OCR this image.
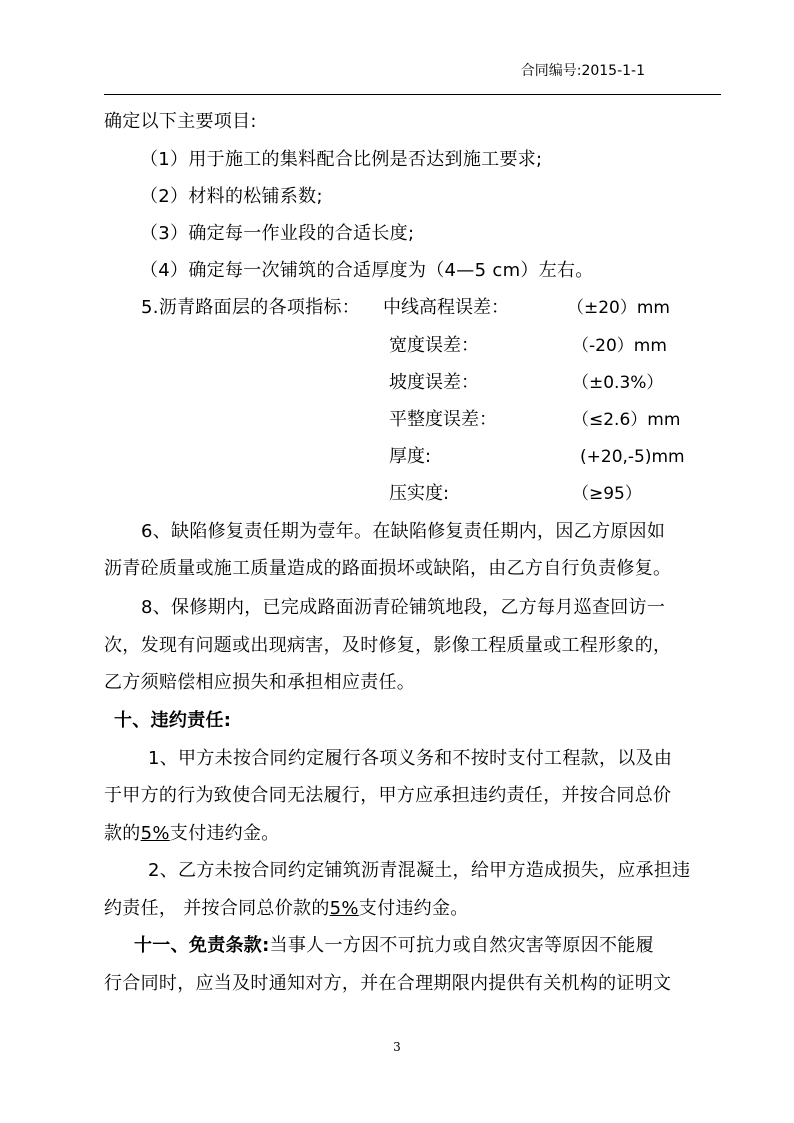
合同编号:2015-1-1
确定以下主要项目:
（1）用于施工的集料配合比例是否达到施工要求;
（2）材料的松铺系数;
（3）确定每一作业段的合适长度;
（4）确定每一次铺筑的合适厚度为（4—5 cm）左右。
5.沥青路面层的各项指标： 中线高程误差：	（±20）mm
宽度误差：	（-20）mm
坡度误差：	（±0.3%）
平整度误差：	（≤2.6）mm
厚度:	(+20,-5)mm
压实度:	（≥95）
6、缺陷修复责任期为壹年。在缺陷修复责任期内，因乙方原因如
沥青砼质量或施工质量造成的路面损坏或缺陷，由乙方自行负责修复。
8、保修期内，已完成路面沥青砼铺筑地段，乙方每月巡查回访一
次，发现有问题或出现病害，及时修复，影像工程质量或工程形象的，
乙方须赔偿相应损失和承担相应责任。
十、违约责任:
1、甲方未按合同约定履行各项义务和不按时支付工程款，以及由
于甲方的行为致使合同无法履行，甲方应承担违约责任，并按合同总价
款的5%支付违约金。
2、乙方未按合同约定铺筑沥青混凝土，给甲方造成损失，应承担违
约责任， 并按合同总价款的5%支付违约金。
十一、免责条款:当事人一方因不可抗力或自然灾害等原因不能履
行合同时，应当及时通知对方，并在合理期限内提供有关机构的证明文
3
